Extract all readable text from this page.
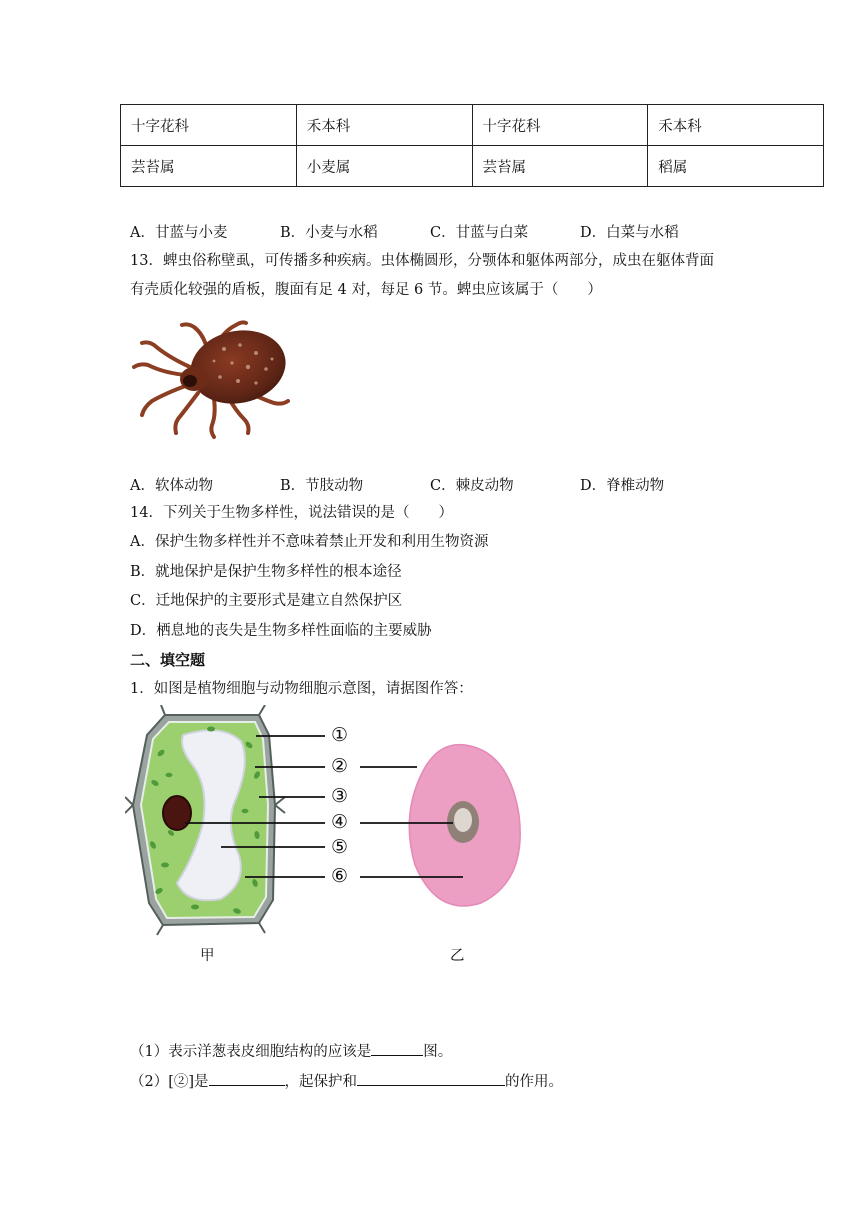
十字花科	禾本科	十字花科	禾本科
芸苔属	小麦属	芸苔属	稻属
A．甘蓝与小麦	B．小麦与水稻	C．甘蓝与白菜	D．白菜与水稻
13．蜱虫俗称壁虱，可传播多种疾病。虫体椭圆形，分颚体和躯体两部分，成虫在躯体背面
有壳质化较强的盾板，腹面有足 4 对，每足 6 节。蜱虫应该属于（　　）
A．软体动物	B．节肢动物	C．棘皮动物	D．脊椎动物
14．下列关于生物多样性，说法错误的是（　　）
A．保护生物多样性并不意味着禁止开发和利用生物资源
B．就地保护是保护生物多样性的根本途径
C．迁地保护的主要形式是建立自然保护区
D．栖息地的丧失是生物多样性面临的主要威胁
二、填空题
1．如图是植物细胞与动物细胞示意图，请据图作答：
①
②
③
④
⑤
⑥
甲	乙
（1）表示洋葱表皮细胞结构的应该是	图。
（2）[②]是	，起保护和	的作用。
